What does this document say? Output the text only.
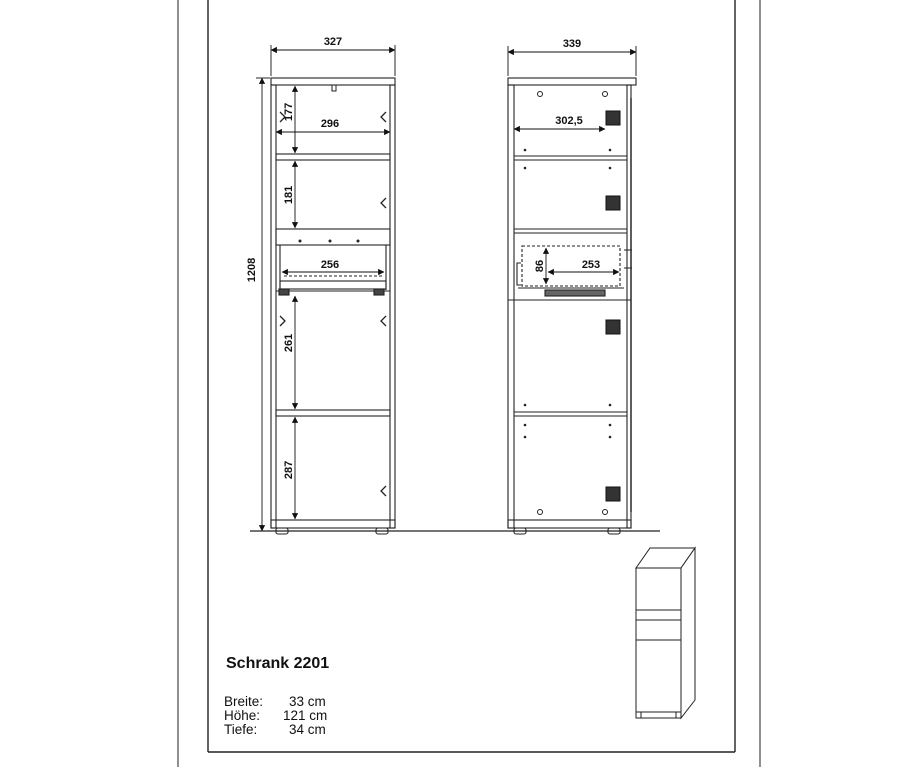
327	339
1208
296
177
181
256
261
287
302,5
86	253
Schrank 2201
Breite: 33 cm
Höhe: 121 cm
Tiefe: 34 cm
